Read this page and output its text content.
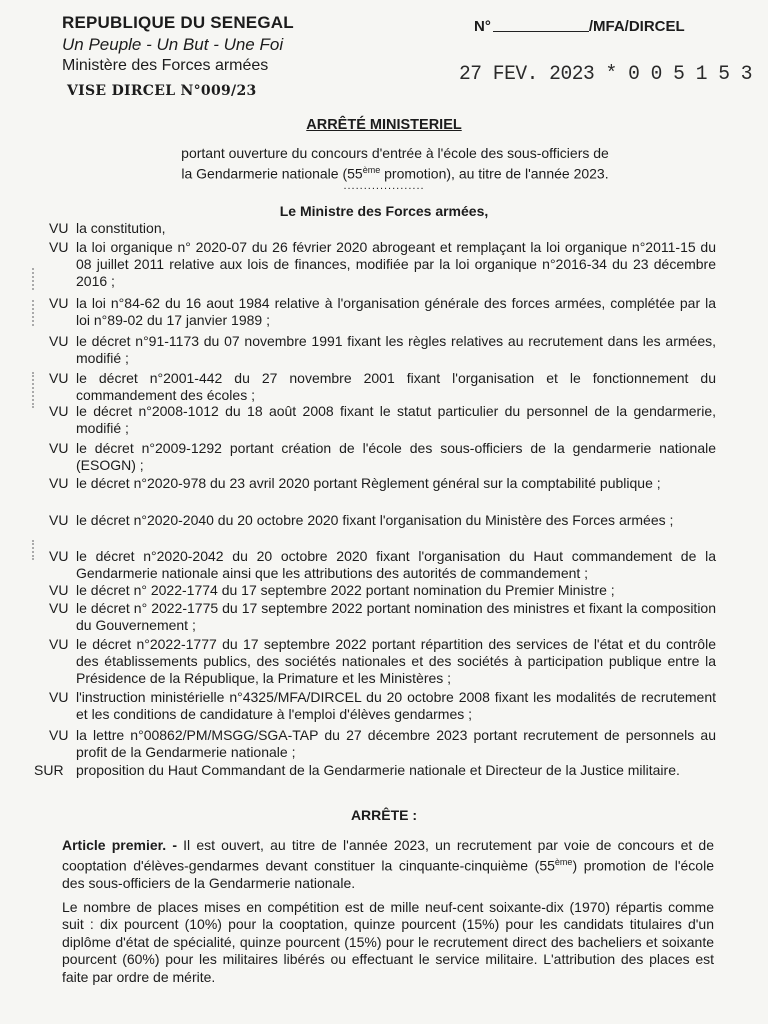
REPUBLIQUE DU SENEGAL
Un Peuple - Un But - Une Foi
Ministère des Forces armées
VISE DIRCEL N°009/23
N°	/MFA/DIRCEL
27 FEV. 2023 * 0 0 5 1 5 3
ARRÊTÉ MINISTERIEL
portant ouverture du concours d'entrée à l'école des sous-officiers de
la Gendarmerie nationale (55ème promotion), au titre de l'année 2023.
....................
Le Ministre des Forces armées,
VU la constitution,

VU la loi organique n° 2020-07 du 26 février 2020 abrogeant et remplaçant la loi organique n°2011-15 du 08 juillet 2011 relative aux lois de finances, modifiée par la loi organique n°2016-34 du 23 décembre 2016 ;

VU la loi n°84-62 du 16 aout 1984 relative à l'organisation générale des forces armées, complétée par la loi n°89-02 du 17 janvier 1989 ;

VU le décret n°91-1173 du 07 novembre 1991 fixant les règles relatives au recrutement dans les armées, modifié ;

VU le décret n°2001-442 du 27 novembre 2001 fixant l'organisation et le fonctionnement du commandement des écoles ;

VU le décret n°2008-1012 du 18 août 2008 fixant le statut particulier du personnel de la gendarmerie, modifié ;

VU le décret n°2009-1292 portant création de l'école des sous-officiers de la gendarmerie nationale (ESOGN) ;

VU le décret n°2020-978 du 23 avril 2020 portant Règlement général sur la comptabilité publique ;

VU le décret n°2020-2040 du 20 octobre 2020 fixant l'organisation du Ministère des Forces armées ;

VU le décret n°2020-2042 du 20 octobre 2020 fixant l'organisation du Haut commandement de la Gendarmerie nationale ainsi que les attributions des autorités de commandement ;

VU le décret n° 2022-1774 du 17 septembre 2022 portant nomination du Premier Ministre ;

VU le décret n° 2022-1775 du 17 septembre 2022 portant nomination des ministres et fixant la composition du Gouvernement ;

VU le décret n°2022-1777 du 17 septembre 2022 portant répartition des services de l'état et du contrôle des établissements publics, des sociétés nationales et des sociétés à participation publique entre la Présidence de la République, la Primature et les Ministères ;

VU l'instruction ministérielle n°4325/MFA/DIRCEL du 20 octobre 2008 fixant les modalités de recrutement et les conditions de candidature à l'emploi d'élèves gendarmes ;

VU la lettre n°00862/PM/MSGG/SGA-TAP du 27 décembre 2023 portant recrutement de personnels au profit de la Gendarmerie nationale ;

SUR proposition du Haut Commandant de la Gendarmerie nationale et Directeur de la Justice militaire.

ARRÊTE :
Article premier. - Il est ouvert, au titre de l'année 2023, un recrutement par voie de concours et de cooptation d'élèves-gendarmes devant constituer la cinquante-cinquième (55ème) promotion de l'école des sous-officiers de la Gendarmerie nationale.
Le nombre de places mises en compétition est de mille neuf-cent soixante-dix (1970) répartis comme suit : dix pourcent (10%) pour la cooptation, quinze pourcent (15%) pour les candidats titulaires d'un diplôme d'état de spécialité, quinze pourcent (15%) pour le recrutement direct des bacheliers et soixante pourcent (60%) pour les militaires libérés ou effectuant le service militaire. L'attribution des places est faite par ordre de mérite.
